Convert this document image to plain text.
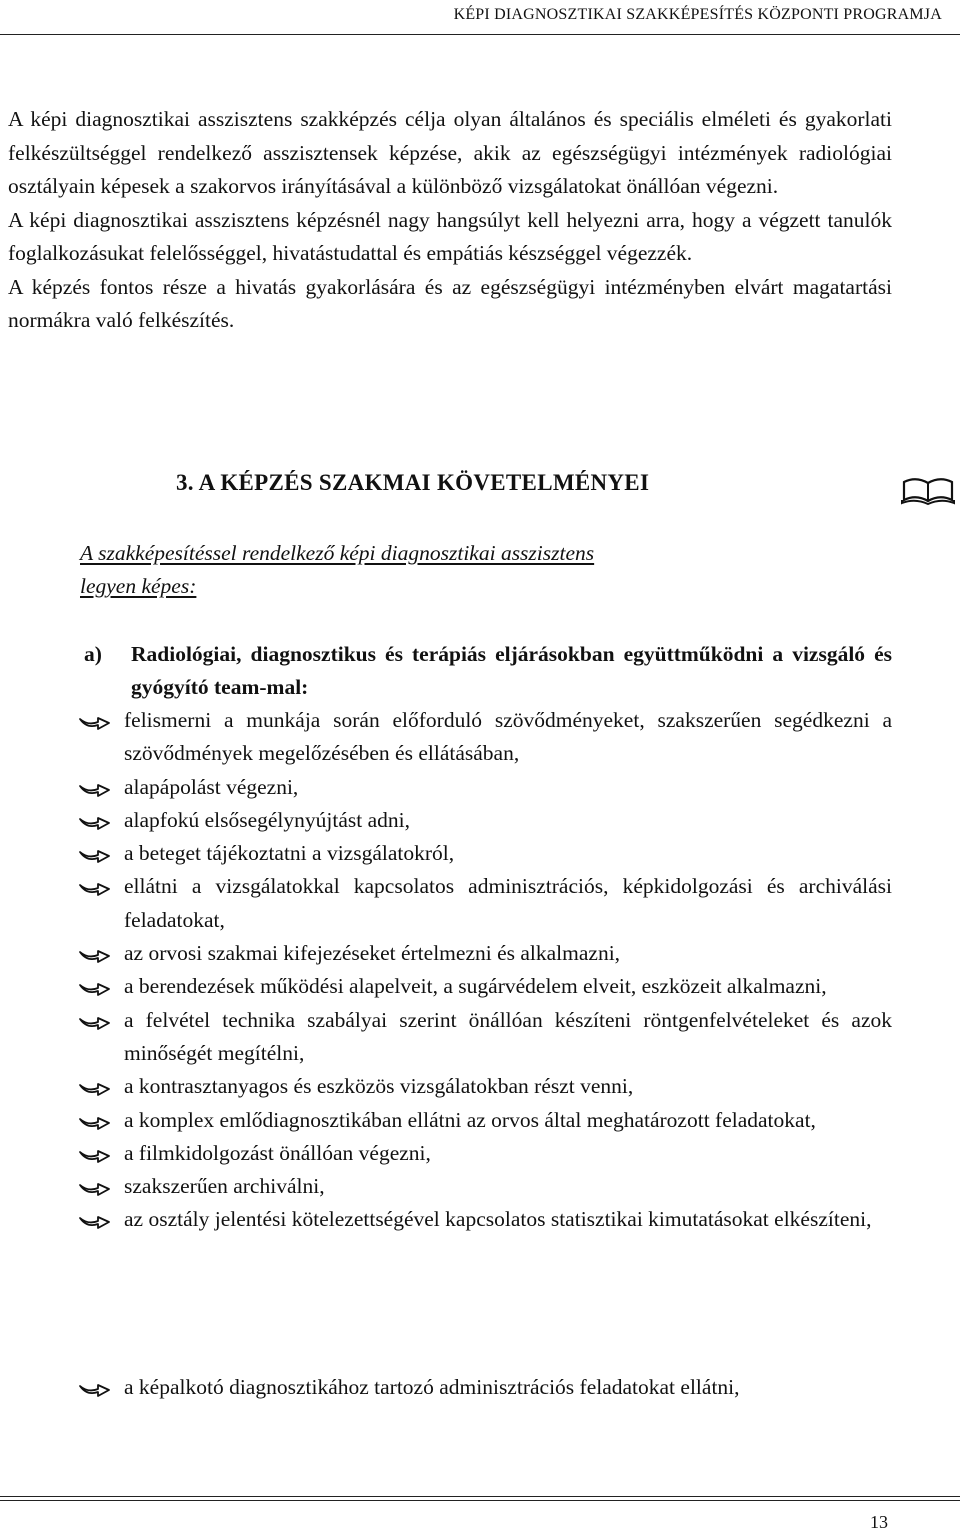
KÉPI DIAGNOSZTIKAI SZAKKÉPESÍTÉS KÖZPONTI PROGRAMJA

A képi diagnosztikai asszisztens szakképzés célja olyan általános és speciális elméleti és gyakorlati felkészültséggel rendelkező asszisztensek képzése, akik az egészségügyi intézmények radiológiai osztályain képesek a szakorvos irányításával a különböző vizsgálatokat önállóan végezni.

A képi diagnosztikai asszisztens képzésnél nagy hangsúlyt kell helyezni arra, hogy a végzett tanulók foglalkozásukat felelősséggel, hivatástudattal és empátiás készséggel végezzék.

A képzés fontos része a hivatás gyakorlására és az egészségügyi intézményben elvárt magatartási normákra való felkészítés.

3. A KÉPZÉS SZAKMAI KÖVETELMÉNYEI
A szakképesítéssel rendelkező képi diagnosztikai asszisztens
legyen képes:
a) Radiológiai, diagnosztikus és terápiás eljárásokban együttműködni a vizsgáló és gyógyító team-mal:
felismerni a munkája során előforduló szövődményeket, szakszerűen segédkezni a szövődmények megelőzésében és ellátásában,
alapápolást végezni,
alapfokú elsősegélynyújtást adni,
a beteget tájékoztatni a vizsgálatokról,
ellátni a vizsgálatokkal kapcsolatos adminisztrációs, képkidolgozási és archiválási feladatokat,
az orvosi szakmai kifejezéseket értelmezni és alkalmazni,
a berendezések működési alapelveit, a sugárvédelem elveit, eszközeit alkalmazni,
a felvétel technika szabályai szerint önállóan készíteni röntgenfelvételeket és azok minőségét megítélni,
a kontrasztanyagos és eszközös vizsgálatokban részt venni,
a komplex emlődiagnosztikában ellátni az orvos által meghatározott feladatokat,
a filmkidolgozást önállóan végezni,
szakszerűen archiválni,
az osztály jelentési kötelezettségével kapcsolatos statisztikai kimutatásokat elkészíteni,
a képalkotó diagnosztikához tartozó adminisztrációs feladatokat ellátni,
13
